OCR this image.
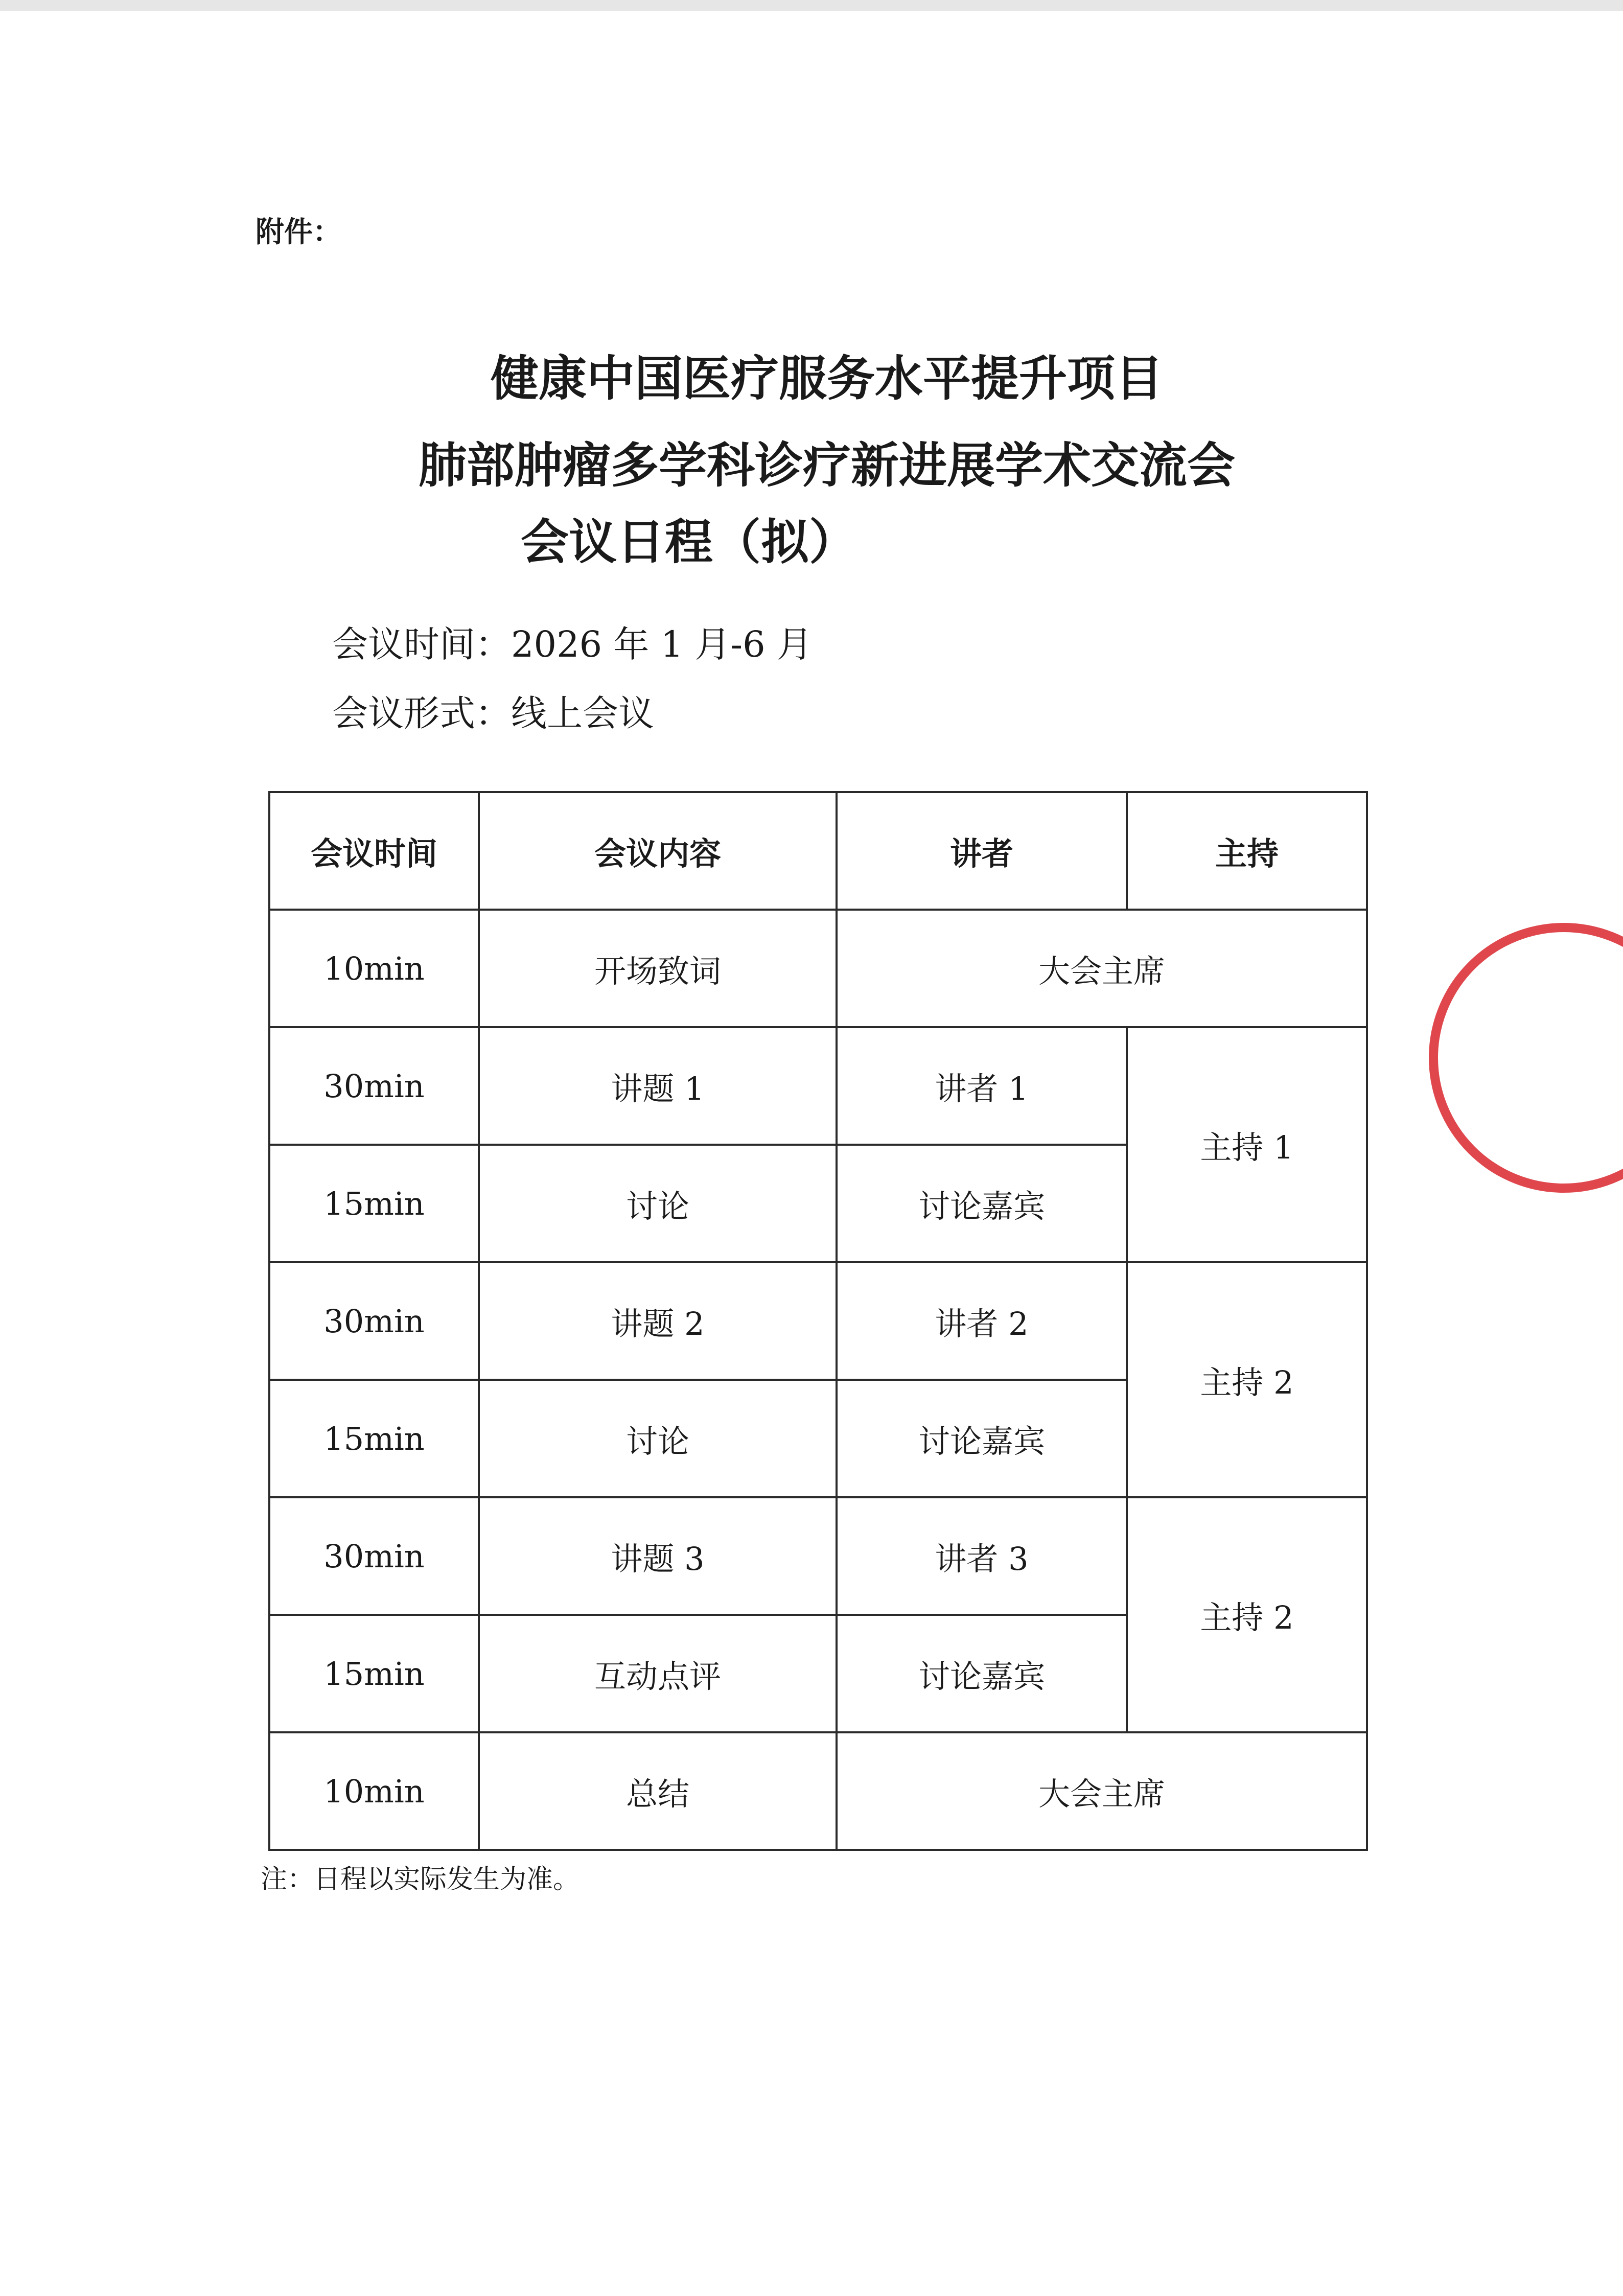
附件：
健康中国医疗服务水平提升项目
肺部肿瘤多学科诊疗新进展学术交流会
会议日程（拟）
会议时间：2026 年 1 月-6 月
会议形式：线上会议
会议时间	会议内容	讲者	主持
10min	开场致词	大会主席	
30min	讲题 1	讲者 1	主持 1
15min	讨论	讨论嘉宾	
30min	讲题 2	讲者 2	主持 2
15min	讨论	讨论嘉宾	
30min	讲题 3	讲者 3	主持 2
15min	互动点评	讨论嘉宾	
10min	总结	大会主席	
注：日程以实际发生为准。
